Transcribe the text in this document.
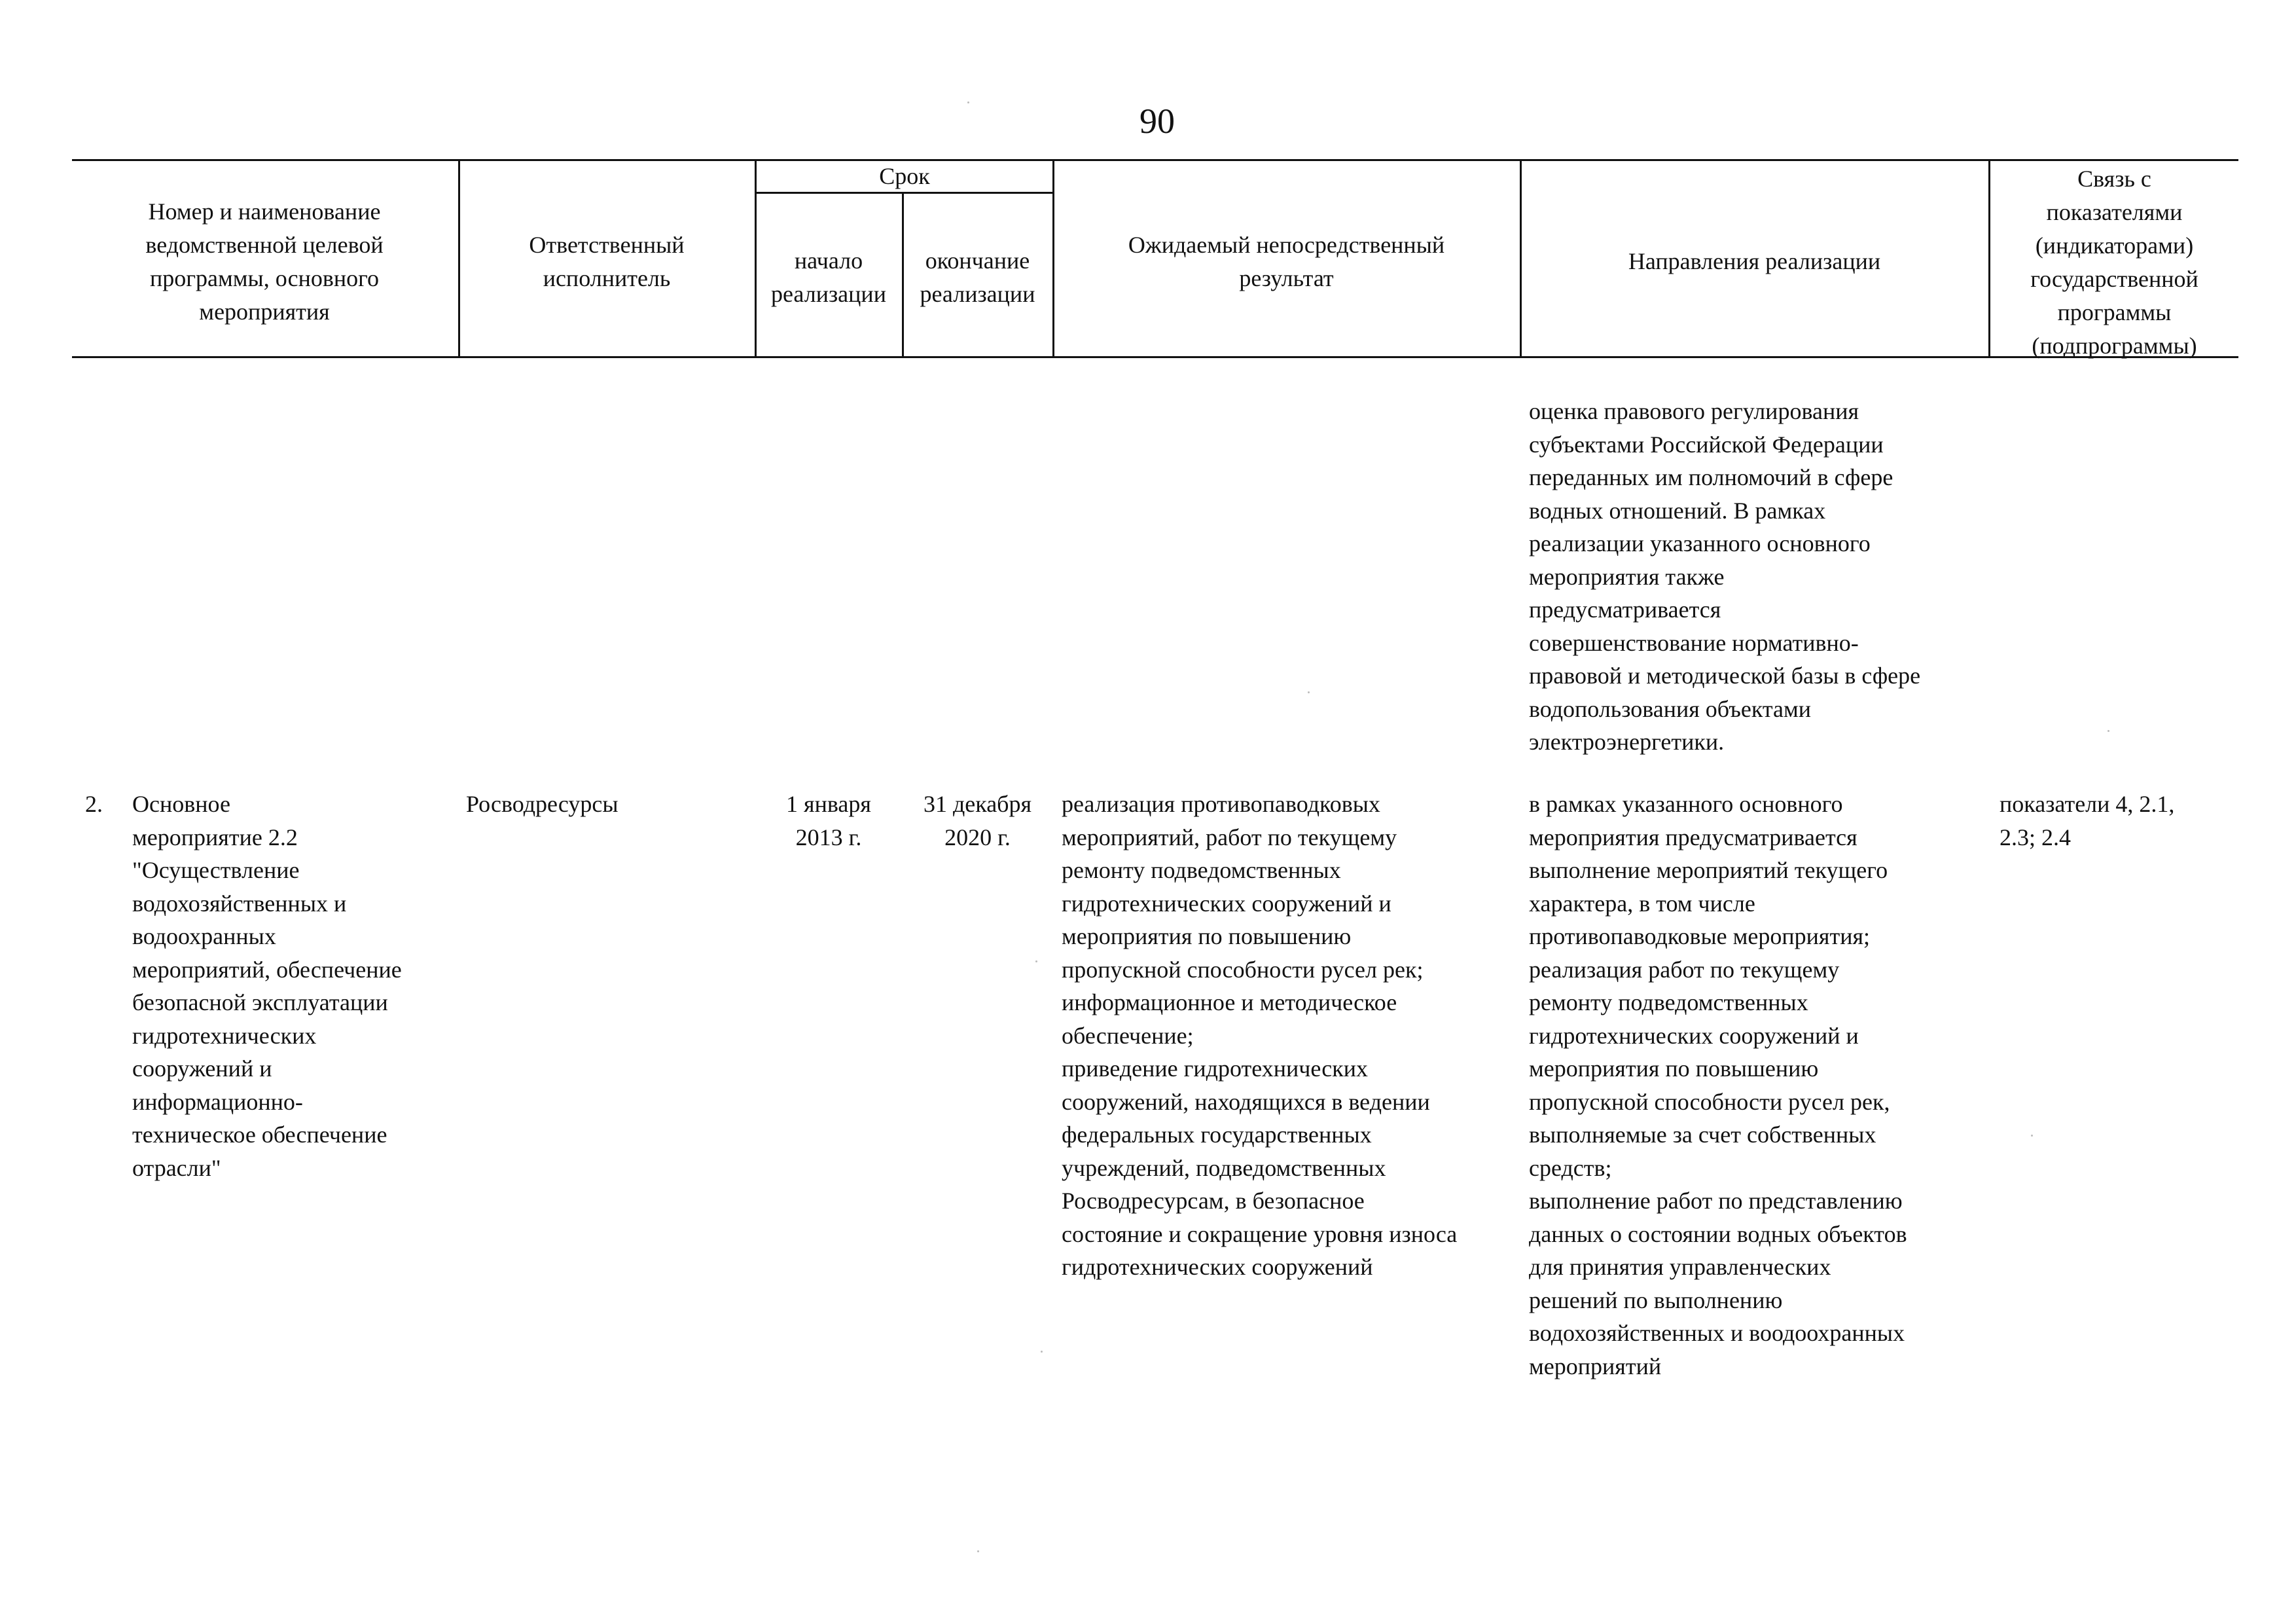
90
Номер и наименование
ведомственной целевой
программы, основного
мероприятия
Ответственный
исполнитель
Срок
начало
реализации
окончание
реализации
Ожидаемый непосредственный
результат
Направления реализации
Связь с
показателями
(индикаторами)
государственной
программы
(подпрограммы)
оценка правового регулирования
субъектами Российской Федерации
переданных им полномочий в сфере
водных отношений. В рамках
реализации указанного основного
мероприятия также
предусматривается
совершенствование нормативно-
правовой и методической базы в сфере
водопользования объектами
электроэнергетики.
2.	Основное
мероприятие 2.2
"Осуществление
водохозяйственных и
водоохранных
мероприятий, обеспечение
безопасной эксплуатации
гидротехнических
сооружений и
информационно-
техническое обеспечение
отрасли"
Росводресурсы	1 января
2013 г.
31 декабря
2020 г.
реализация противопаводковых
мероприятий, работ по текущему
ремонту подведомственных
гидротехнических сооружений и
мероприятия по повышению
пропускной способности русел рек;
информационное и методическое
обеспечение;
приведение гидротехнических
сооружений, находящихся в ведении
федеральных государственных
учреждений, подведомственных
Росводресурсам, в безопасное
состояние и сокращение уровня износа
гидротехнических сооружений
в рамках указанного основного
мероприятия предусматривается
выполнение мероприятий текущего
характера, в том числе
противопаводковые мероприятия;
реализация работ по текущему
ремонту подведомственных
гидротехнических сооружений и
мероприятия по повышению
пропускной способности русел рек,
выполняемые за счет собственных
средств;
выполнение работ по представлению
данных о состоянии водных объектов
для принятия управленческих
решений по выполнению
водохозяйственных и воодоохранных
мероприятий
показатели 4, 2.1,
2.3; 2.4
